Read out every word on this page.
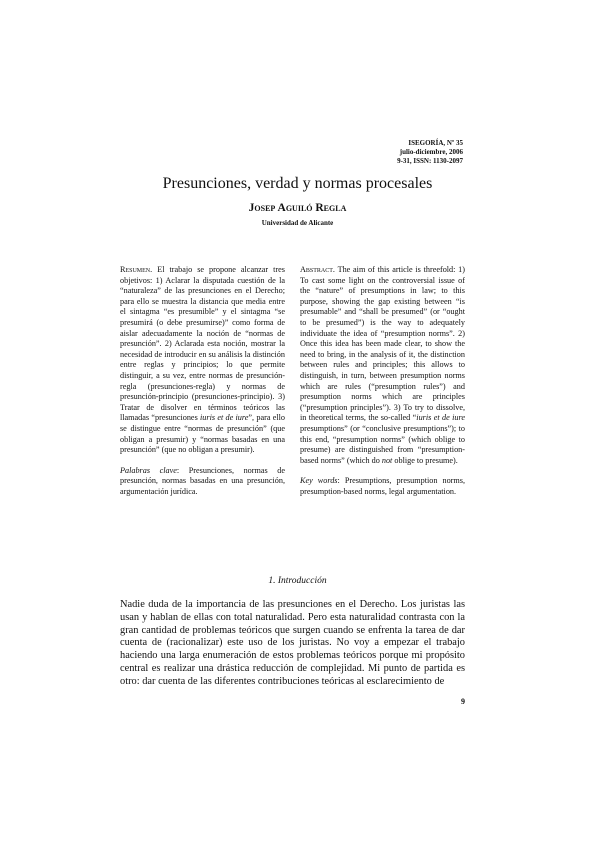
ISEGORÍA, Nº 35
julio-diciembre, 2006
9-31, ISSN: 1130-2097
Presunciones, verdad y normas procesales
Josep Aguiló Regla
Universidad de Alicante

Resumen. El trabajo se propone alcanzar tres objetivos: 1) Aclarar la disputada cuestión de la “naturaleza” de las presunciones en el Derecho; para ello se muestra la distancia que media entre el sintagma “es presumible” y el sintagma “se presumirá (o debe presumirse)” como forma de aislar adecuadamente la noción de “normas de presunción”. 2) Aclarada esta noción, mostrar la necesidad de introducir en su análisis la distinción entre reglas y principios; lo que permite distinguir, a su vez, entre normas de presunción-regla (presunciones-regla) y normas de presunción-principio (presunciones-principio). 3) Tratar de disolver en términos teóricos las llamadas “presunciones iuris et de iure”, para ello se distingue entre “normas de presunción” (que obligan a presumir) y “normas basadas en una presunción” (que no obligan a presumir).

Palabras clave: Presunciones, normas de presunción, normas basadas en una presunción, argumentación jurídica.

Abstract. The aim of this article is threefold: 1) To cast some light on the controversial issue of the “nature” of presumptions in law; to this purpose, showing the gap existing between “is presumable” and “shall be presumed” (or “ought to be presumed”) is the way to adequately individuate the idea of “presumption norms”. 2) Once this idea has been made clear, to show the need to bring, in the analysis of it, the distinction between rules and principles; this allows to distinguish, in turn, between presumption norms which are rules (“presumption rules”) and presumption norms which are principles (“presumption principles”). 3) To try to dissolve, in theoretical terms, the so-called “iuris et de iure presumptions” (or “conclusive presumptions”); to this end, “presumption norms” (which oblige to presume) are distinguished from “presumption-based norms” (which do not oblige to presume).

Key words: Presumptions, presumption norms, presumption-based norms, legal argumentation.

1. Introducción

Nadie duda de la importancia de las presunciones en el Derecho. Los juristas las usan y hablan de ellas con total naturalidad. Pero esta naturalidad contrasta con la gran cantidad de problemas teóricos que surgen cuando se enfrenta la tarea de dar cuenta de (racionalizar) este uso de los juristas. No voy a empezar el trabajo haciendo una larga enumeración de estos problemas teóricos porque mi propósito central es realizar una drástica reducción de complejidad. Mi punto de partida es otro: dar cuenta de las diferentes contribuciones teóricas al esclarecimiento de

9
